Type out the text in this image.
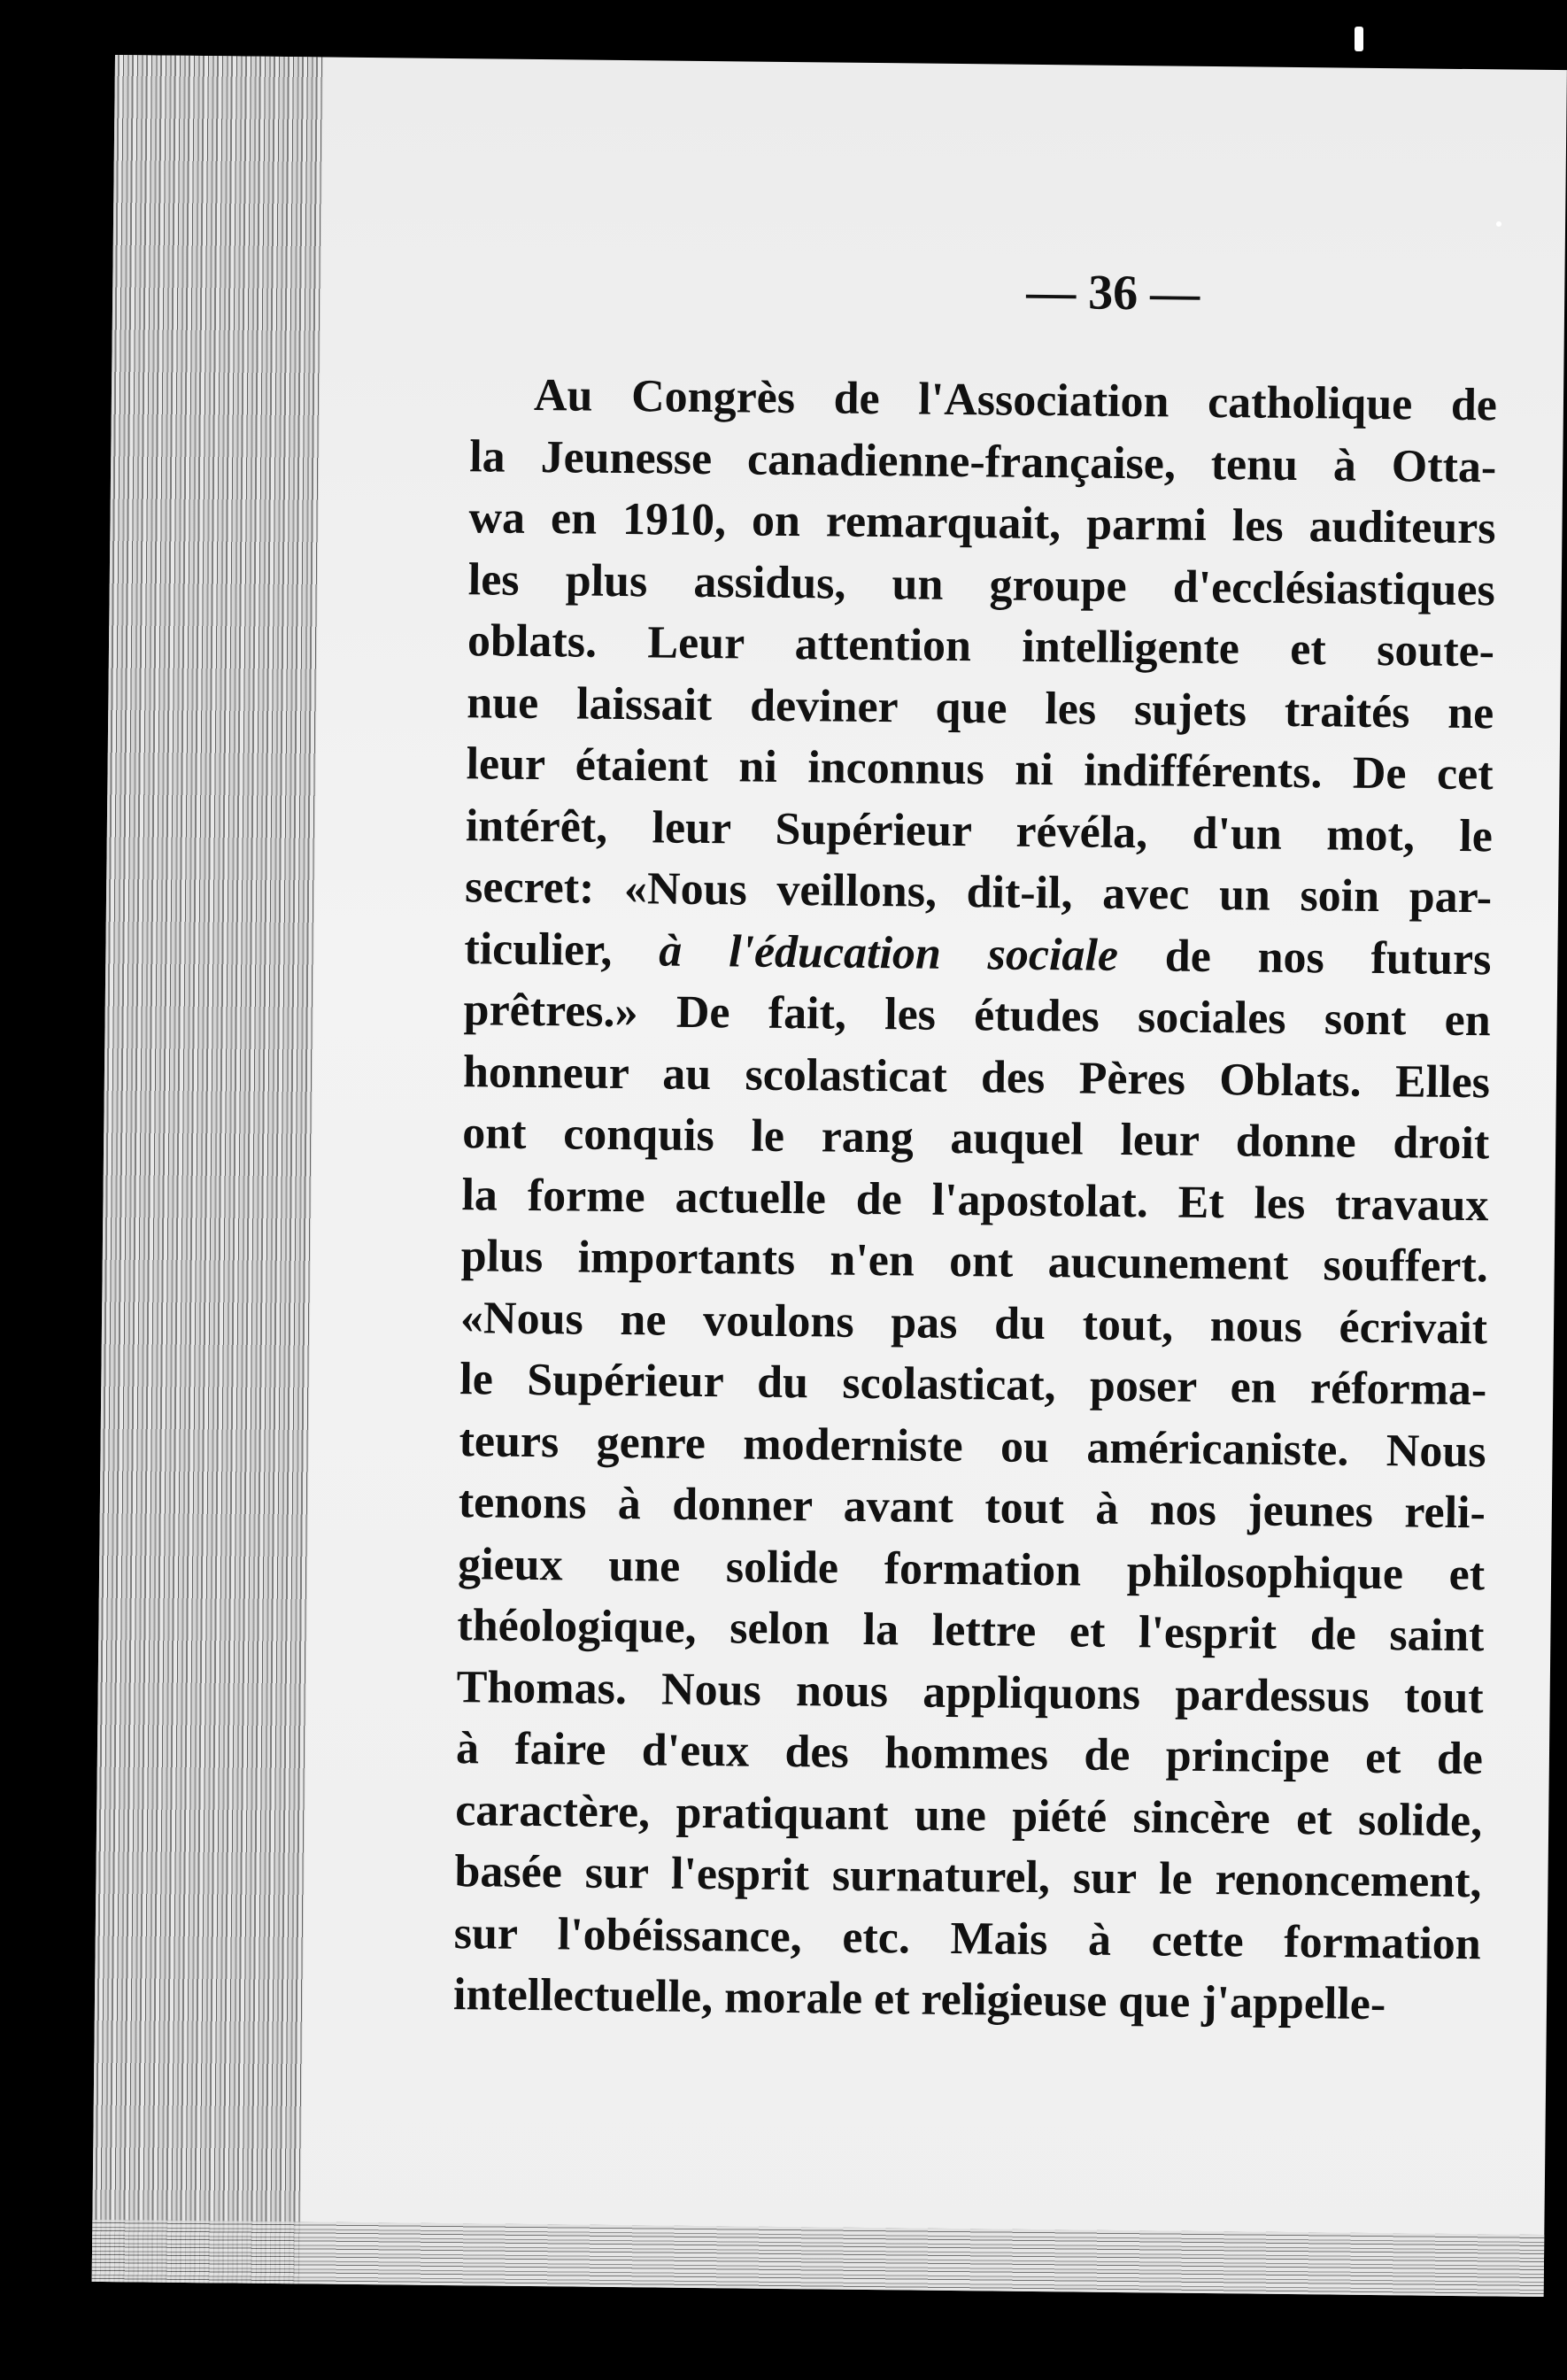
— 36 —
Au Congrès de l'Association catholique de
la Jeunesse canadienne-française, tenu à Otta-
wa en 1910, on remarquait, parmi les auditeurs
les plus assidus, un groupe d'ecclésiastiques
oblats. Leur attention intelligente et soute-
nue laissait deviner que les sujets traités ne
leur étaient ni inconnus ni indifférents. De cet
intérêt, leur Supérieur révéla, d'un mot, le
secret: «Nous veillons, dit-il, avec un soin par-
ticulier, à l'éducation sociale de nos futurs
prêtres.» De fait, les études sociales sont en
honneur au scolasticat des Pères Oblats. Elles
ont conquis le rang auquel leur donne droit
la forme actuelle de l'apostolat. Et les travaux
plus importants n'en ont aucunement souffert.
«Nous ne voulons pas du tout, nous écrivait
le Supérieur du scolasticat, poser en réforma-
teurs genre moderniste ou américaniste. Nous
tenons à donner avant tout à nos jeunes reli-
gieux une solide formation philosophique et
théologique, selon la lettre et l'esprit de saint
Thomas. Nous nous appliquons pardessus tout
à faire d'eux des hommes de principe et de
caractère, pratiquant une piété sincère et solide,
basée sur l'esprit surnaturel, sur le renoncement,
sur l'obéissance, etc. Mais à cette formation
intellectuelle, morale et religieuse que j'appelle-
